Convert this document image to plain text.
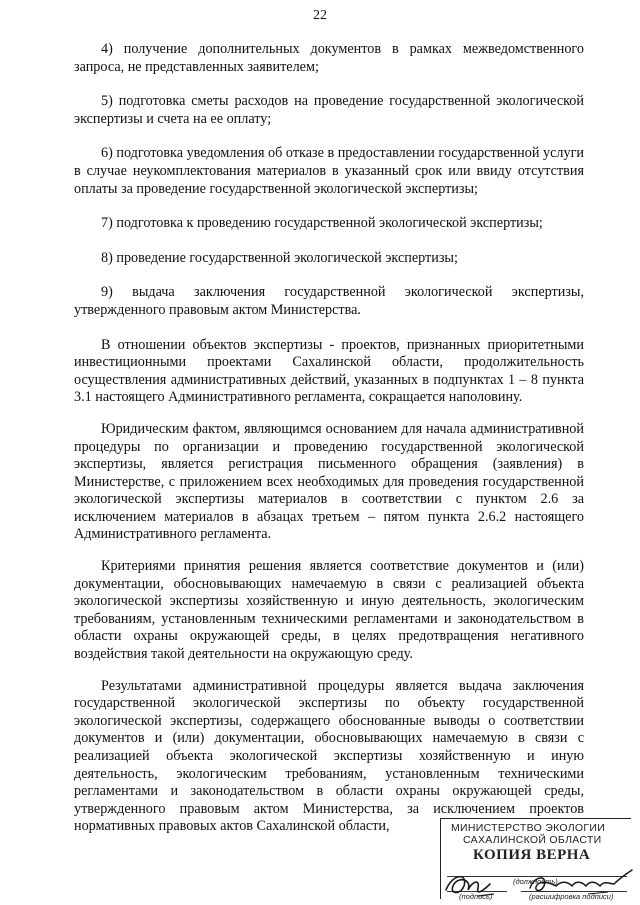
22

4) получение дополнительных документов в рамках межведомственного запроса, не представленных заявителем;

5) подготовка сметы расходов на проведение государственной экологической экспертизы и счета на ее оплату;

6) подготовка уведомления об отказе в предоставлении государственной услуги в случае неукомплектования материалов в указанный срок или ввиду отсутствия оплаты за проведение государственной экологической экспертизы;

7) подготовка к проведению государственной экологической экспертизы;

8) проведение государственной экологической экспертизы;

9) выдача заключения государственной экологической экспертизы, утвержденного правовым актом Министерства.

В отношении объектов экспертизы - проектов, признанных приоритетными инвестиционными проектами Сахалинской области, продолжительность осуществления административных действий, указанных в подпунктах 1 – 8 пункта 3.1 настоящего Административного регламента, сокращается наполовину.

Юридическим фактом, являющимся основанием для начала административной процедуры по организации и проведению государственной экологической экспертизы, является регистрация письменного обращения (заявления) в Министерстве, с приложением всех необходимых для проведения государственной экологической экспертизы материалов в соответствии с пунктом 2.6 за исключением материалов в абзацах третьем – пятом пункта 2.6.2 настоящего Административного регламента.

Критериями принятия решения является соответствие документов и (или) документации, обосновывающих намечаемую в связи с реализацией объекта экологической экспертизы хозяйственную и иную деятельность, экологическим требованиям, установленным техническими регламентами и законодательством в области охраны окружающей среды, в целях предотвращения негативного воздействия такой деятельности на окружающую среду.

Результатами административной процедуры является выдача заключения государственной экологической экспертизы по объекту государственной экологической экспертизы, содержащего обоснованные выводы о соответствии документов и (или) документации, обосновывающих намечаемую в связи с реализацией объекта экологической экспертизы хозяйственную и иную деятельность, экологическим требованиям, установленным техническими регламентами и законодательством в области охраны окружающей среды, утвержденного правовым актом Министерства, за исключением проектов нормативных правовых актов Сахалинской области,	МИНИСТЕРСТВО ЭКОЛОГИИ
САХАЛИНСКОЙ ОБЛАСТИ
КОПИЯ ВЕРНА
(должность)
(подпись)	(расшифровка подписи)
